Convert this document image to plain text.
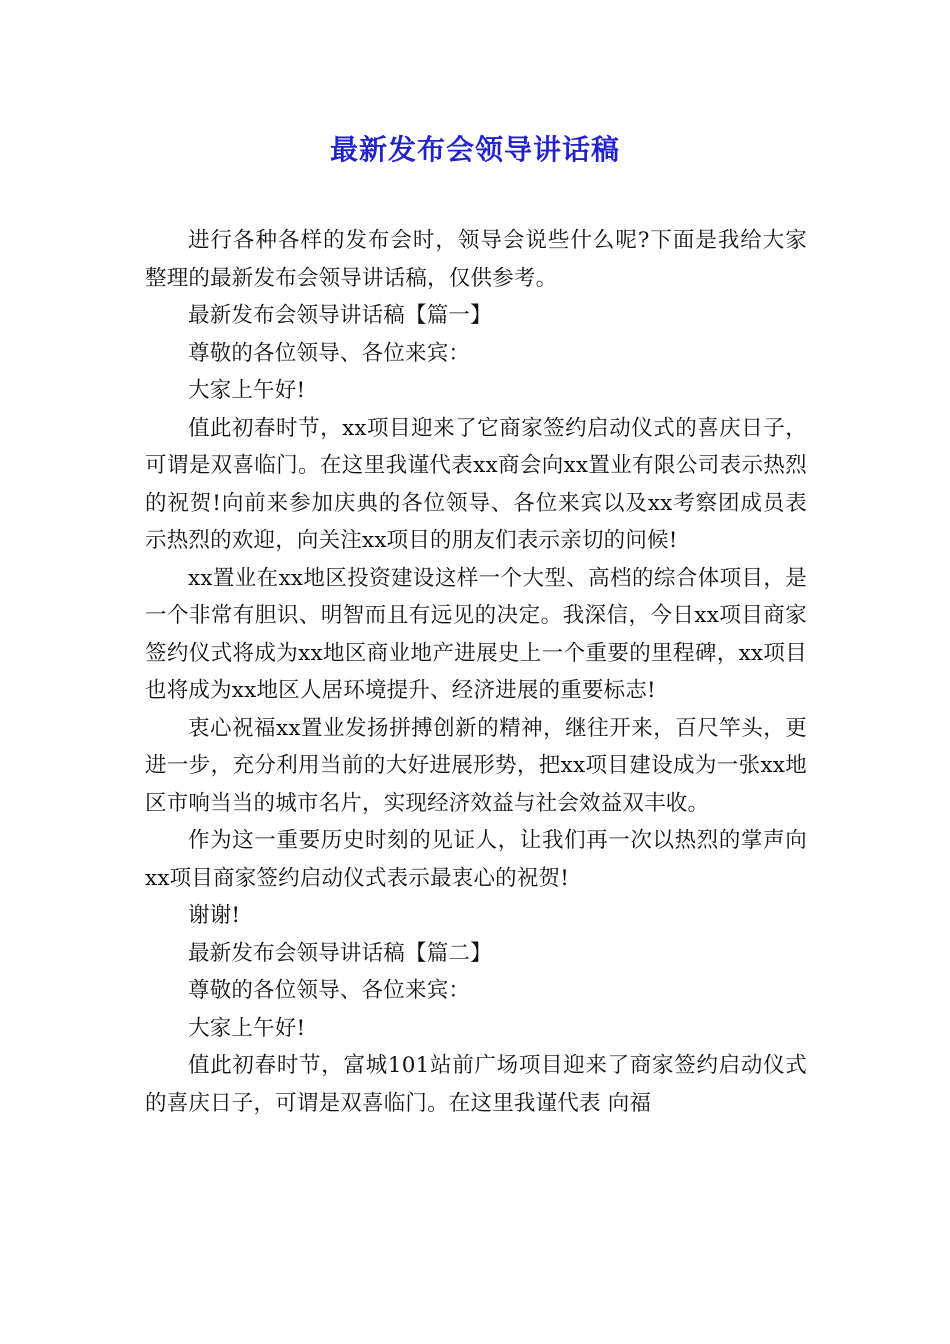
最新发布会领导讲话稿

进行各种各样的发布会时，领导会说些什么呢?下面是我给大家整理的最新发布会领导讲话稿，仅供参考。

最新发布会领导讲话稿【篇一】

尊敬的各位领导、各位来宾：

大家上午好!

值此初春时节，xx项目迎来了它商家签约启动仪式的喜庆日子，可谓是双喜临门。在这里我谨代表xx商会向xx置业有限公司表示热烈的祝贺!向前来参加庆典的各位领导、各位来宾以及xx考察团成员表示热烈的欢迎，向关注xx项目的朋友们表示亲切的问候!

xx置业在xx地区投资建设这样一个大型、高档的综合体项目，是一个非常有胆识、明智而且有远见的决定。我深信，今日xx项目商家签约仪式将成为xx地区商业地产进展史上一个重要的里程碑，xx项目也将成为xx地区人居环境提升、经济进展的重要标志!

衷心祝福xx置业发扬拼搏创新的精神，继往开来，百尺竿头，更进一步，充分利用当前的大好进展形势，把xx项目建设成为一张xx地区市响当当的城市名片，实现经济效益与社会效益双丰收。

作为这一重要历史时刻的见证人，让我们再一次以热烈的掌声向xx项目商家签约启动仪式表示最衷心的祝贺!

谢谢!

最新发布会领导讲话稿【篇二】

尊敬的各位领导、各位来宾：

大家上午好!

值此初春时节，富城101站前广场项目迎来了商家签约启动仪式的喜庆日子，可谓是双喜临门。在这里我谨代表 向福
